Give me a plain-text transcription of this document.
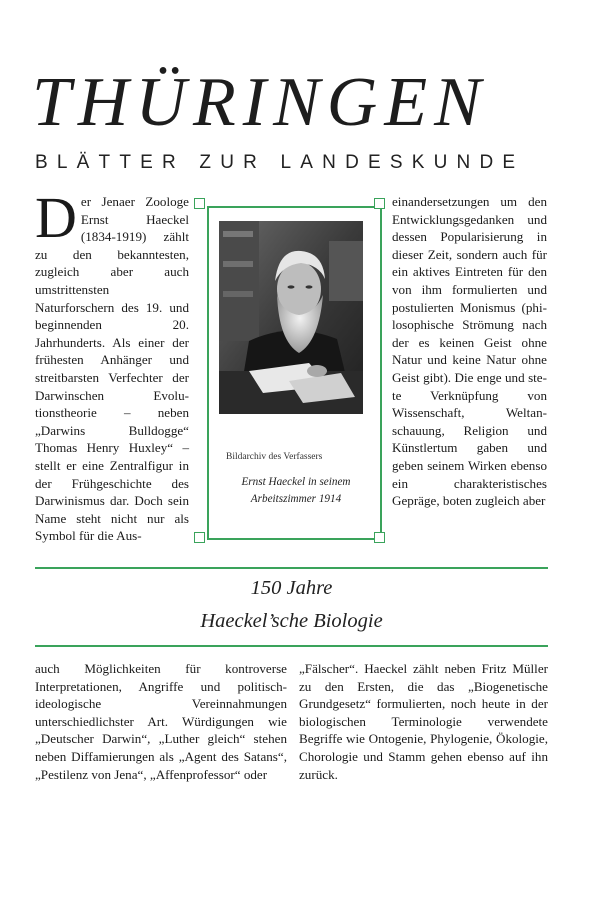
THÜRINGEN
BLÄTTER ZUR LANDESKUNDE

Der Jenaer Zoologe Ernst Haeckel (1834-1919) zählt zu den bekanntesten, zugleich aber auch umstrittensten Naturforschern des 19. und beginnenden 20. Jahrhunderts. Als einer der frühesten Anhänger und streitbarsten Verfechter der Darwinschen Evolutionstheorie – neben „Darwins Bulldogge“ Thomas Henry Huxley“ – stellt er eine Zentralfigur in der Frühgeschichte des Darwinismus dar. Doch sein Name steht nicht nur als Symbol für die Aus-

einandersetzungen um den Entwicklungsgedanken und dessen Popularisierung in dieser Zeit, sondern auch für ein aktives Eintreten für den von ihm formulierten und postulierten Monismus (philosophische Strömung nach der es keinen Geist ohne Natur und keine Natur ohne Geist gibt). Die enge und stete Verknüpfung von Wissenschaft, Weltanschauung, Religion und Künstlertum gaben und geben seinem Wirken ebenso ein charakteristisches Gepräge, boten zugleich aber

Bildarchiv des Verfassers
Ernst Haeckel in seinem
Arbeitszimmer 1914
150 Jahre
Haeckel’sche Biologie

auch Möglichkeiten für kontroverse Interpretationen, Angriffe und politisch-ideologische Vereinnahmungen unterschiedlichster Art. Würdigungen wie „Deutscher Darwin“, „Luther gleich“ stehen neben Diffamierungen als „Agent des Satans“, „Pestilenz von Jena“, „Affenprofessor“ oder

„Fälscher“. Haeckel zählt neben Fritz Müller zu den Ersten, die das „Biogenetische Grundgesetz“ formulierten, noch heute in der biologischen Terminologie verwendete Begriffe wie Ontogenie, Phylogenie, Ökologie, Chorologie und Stamm gehen ebenso auf ihn zurück.
